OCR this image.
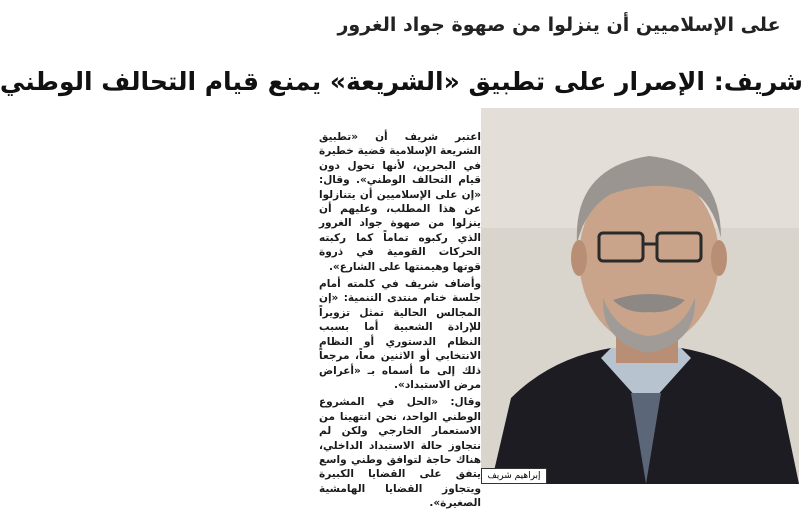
على الإسلاميين أن ينزلوا من صهوة جواد الغرور
شريف: الإصرار على تطبيق «الشريعة» يمنع قيام التحالف الوطني

اعتبر شريف أن «تطبيق الشريعة الإسلامية قضية خطيرة في البحرين، لأنها تحول دون قيام التحالف الوطني». وقال: «إن على الإسلاميين أن يتنازلوا عن هذا المطلب، وعليهم أن ينزلوا من صهوة جواد الغرور الذي ركبوه تماماً كما ركبته الحركات القومية في ذروة قوتها وهيمنتها على الشارع».

وأضاف شريف في كلمته أمام جلسة ختام منتدى التنمية: «إن المجالس الحالية تمثل تزويراً للإرادة الشعبية أما بسبب النظام الدستوري أو النظام الانتخابي أو الاثنين معاً، مرجعاً ذلك إلى ما أسماه بـ «أعراض مرض الاستبداد».

وقال: «الحل في المشروع الوطني الواحد، نحن انتهينا من الاستعمار الخارجي ولكن لم نتجاوز حالة الاستبداد الداخلي، هناك حاجة لتوافق وطني واسع يتفق على القضايا الكبيرة ويتجاوز القضايا الهامشية الصغيرة».

إبراهيم شريف
